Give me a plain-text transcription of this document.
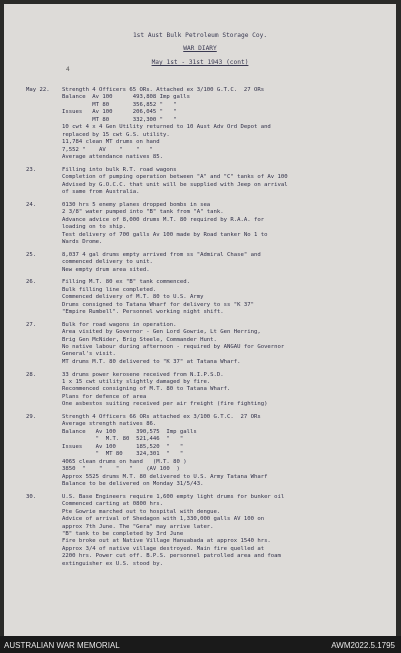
1st Aust Bulk Petroleum Storage Coy.
WAR DIARY
May 1st - 31st 1943 (cont)
4
May 22.	Strength 4 Officers 65 ORs. Attached ex 3/100 G.T.C.  27 ORs
Balance  Av 100      493,808 Imp galls
MT 80       356,852 "   "
Issues   Av 100      206,045 "   "
MT 80       332,300 "   "
10 cwt 4 x 4 Gen Utility returned to 10 Aust Adv Ord Depot and
replaced by 15 cwt G.S. utility.
11,784 clean MT drums on hand
7,552 "    AV    "    "   "
Average attendance natives 85.
23.	Filling into bulk R.T. road wagons
Completion of pumping operation between "A" and "C" tanks of Av 100
Advised by G.O.C.C. that unit will be supplied with Jeep on arrival
of same from Australia.
24.	0130 hrs 5 enemy planes dropped bombs in sea
2 3/8" water pumped into "B" tank from "A" tank.
Advance advice of 8,000 drums M.T. 80 required by R.A.A. for
loading on to ship.
Test delivery of 700 galls Av 100 made by Road tanker No 1 to
Wards Drome.
25.	8,037 4 gal drums empty arrived from ss "Admiral Chase" and
commenced delivery to unit.
New empty drum area sited.
26.	Filling M.T. 80 ex "B" tank commenced.
Bulk filling line completed.
Commenced delivery of M.T. 80 to U.S. Army
Drums consigned to Tatana Wharf for delivery to ss "K 37"
"Empire Rumbell". Personnel working night shift.
27.	Bulk for road wagons in operation.
Area visited by Governor - Gen Lord Gowrie, Lt Gen Herring,
Brig Gen McNider, Brig Steele, Commander Hunt.
No native labour during afternoon - required by ANGAU for Governor
General's visit.
MT drums M.T. 80 delivered to "K 37" at Tatana Wharf.
28.	33 drums power kerosene received from N.I.P.S.D.
1 x 15 cwt utility slightly damaged by fire.
Recommenced consigning of M.T. 80 to Tatana Wharf.
Plans for defence of area
One asbestos suiting received per air freight (fire fighting)
29.	Strength 4 Officers 66 ORs attached ex 3/100 G.T.C.  27 ORs
Average strength natives 86.
Balance   Av 100      390,575  Imp galls
"  M.T. 80  521,446  "   "
Issues    Av 100      185,520  "   "
"  MT 80    324,301  "   "
4065 clean drums on hand   (M.T. 80 )
3850  "    "    "   "    (AV 100  )
Approx 5525 drums M.T. 80 delivered to U.S. Army Tatana Wharf
Balance to be delivered on Monday 31/5/43.
30.	U.S. Base Engineers require 1,600 empty light drums for bunker oil
Commenced carting at 0800 hrs.
Pte Gowrie marched out to hospital with dengue.
Advice of arrival of Shedagon with 1,330,000 galls AV 100 on
approx 7th June. The "Gera" may arrive later.
"B" tank to be completed by 3rd June
Fire broke out at Native Village Hanuabada at approx 1540 hrs.
Approx 3/4 of native village destroyed. Main fire quelled at
2200 hrs. Power cut off. B.P.S. personnel patrolled area and foam
extinguisher ex U.S. stood by.
AUSTRALIAN WAR MEMORIAL	AWM2022.5.1795
